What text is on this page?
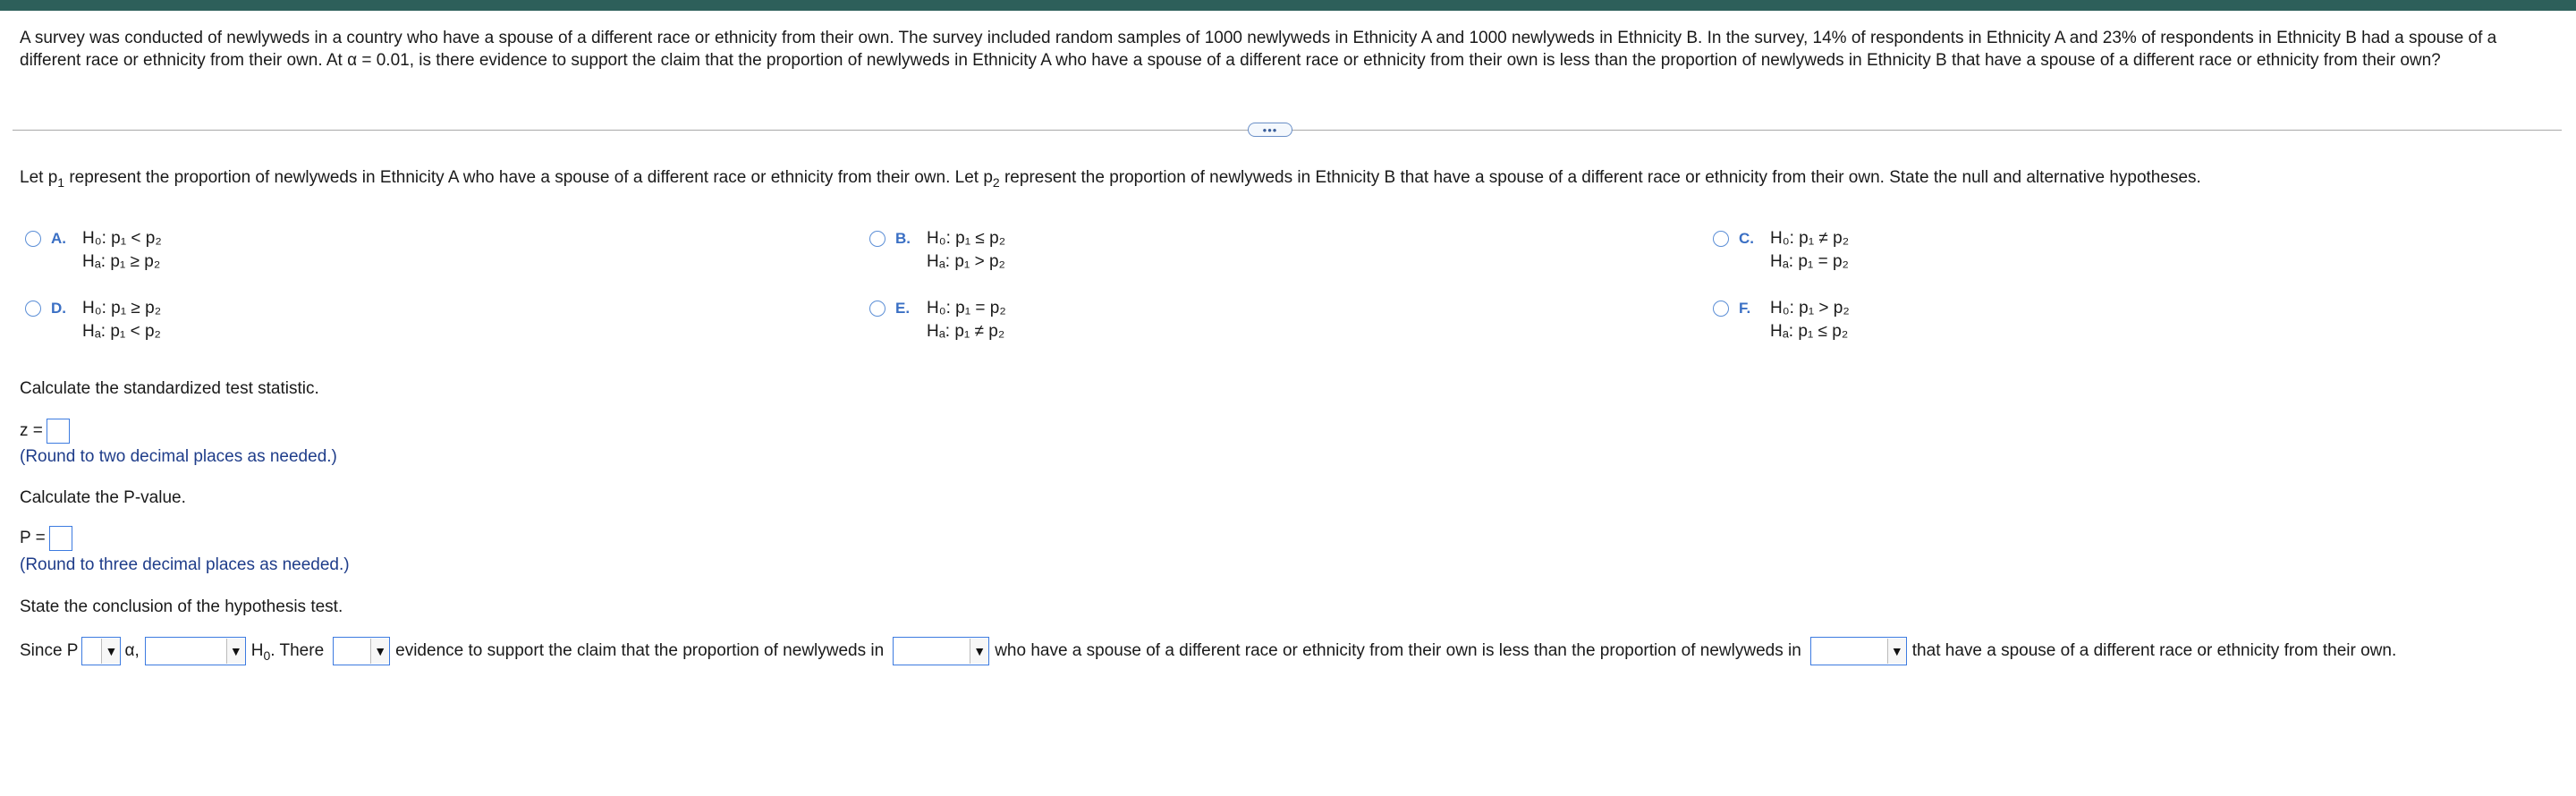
A survey was conducted of newlyweds in a country who have a spouse of a different race or ethnicity from their own. The survey included random samples of 1000 newlyweds in Ethnicity A and 1000 newlyweds in Ethnicity B. In the survey, 14% of respondents in Ethnicity A and 23% of respondents in Ethnicity B had a spouse of a different race or ethnicity from their own. At α = 0.01, is there evidence to support the claim that the proportion of newlyweds in Ethnicity A who have a spouse of a different race or ethnicity from their own is less than the proportion of newlyweds in Ethnicity B that have a spouse of a different race or ethnicity from their own?
•••
Let $p_1$ represent the proportion of newlyweds in Ethnicity A who have a spouse of a different race or ethnicity from their own. Let $p_2$ represent the proportion of newlyweds in Ethnicity B that have a spouse of a different race or ethnicity from their own. State the null and alternative hypotheses.
A. H₀: p₁ < p₂
Hₐ: p₁ ≥ p₂
B. H₀: p₁ ≤ p₂
Hₐ: p₁ > p₂
C. H₀: p₁ ≠ p₂
Hₐ: p₁ = p₂
D. H₀: p₁ ≥ p₂
Hₐ: p₁ < p₂
E. H₀: p₁ = p₂
Hₐ: p₁ ≠ p₂
F. H₀: p₁ > p₂
Hₐ: p₁ ≤ p₂
Calculate the standardized test statistic.
z =
(Round to two decimal places as needed.)
Calculate the P-value.
P =
(Round to three decimal places as needed.)
State the conclusion of the hypothesis test.
Since P ▼ α,	▼ $H_0$. There	▼ evidence to support the claim that the proportion of newlyweds in	▼ who have a spouse of a different race or ethnicity from their own is less than the proportion of newlyweds in	▼ that have a spouse of a different race or ethnicity from their own.
